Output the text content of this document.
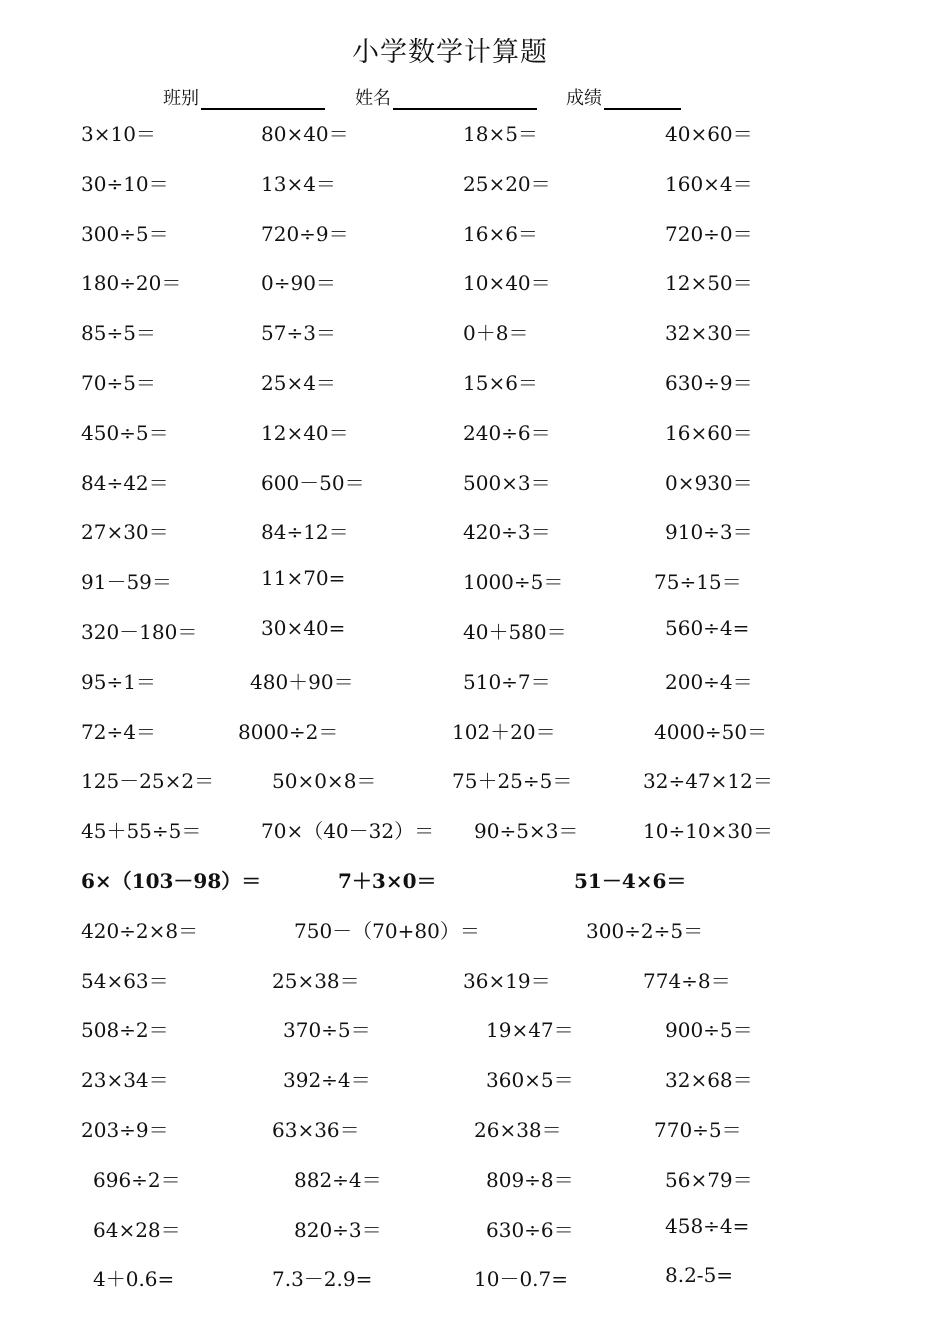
小学数学计算题
班别	姓名	成绩
3×10＝	80×40＝	18×5＝	40×60＝
30÷10＝	13×4＝	25×20＝	160×4＝
300÷5＝	720÷9＝	16×6＝	720÷0＝
180÷20＝	0÷90＝	10×40＝	12×50＝
85÷5＝	57÷3＝	0＋8＝	32×30＝
70÷5＝	25×4＝	15×6＝	630÷9＝
450÷5＝	12×40＝	240÷6＝	16×60＝
84÷42＝	600－50＝	500×3＝	0×930＝
27×30＝	84÷12＝	420÷3＝	910÷3＝
91－59＝	11×70=	1000÷5＝	75÷15＝
320－180＝	30×40=	40＋580＝	560÷4=
95÷1＝	480＋90＝	510÷7＝	200÷4＝
72÷4＝	8000÷2＝	102＋20＝	4000÷50＝
125－25×2＝	50×0×8＝	75＋25÷5＝	32÷47×12＝
45＋55÷5＝	70×（40－32）＝ 90÷5×3＝	10÷10×30＝
6×（103－98）＝	7＋3×0＝	51－4×6＝
420÷2×8＝	750－（70+80）＝	300÷2÷5＝
54×63＝	25×38＝	36×19＝	774÷8＝
508÷2＝	370÷5＝	19×47＝	900÷5＝
23×34＝	392÷4＝	360×5＝	32×68＝
203÷9＝	63×36＝	26×38＝	770÷5＝
696÷2＝	882÷4＝	809÷8＝	56×79＝
64×28＝	820÷3＝	630÷6＝	458÷4=
4＋0.6=	7.3－2.9=	10－0.7=	8.2-5=
